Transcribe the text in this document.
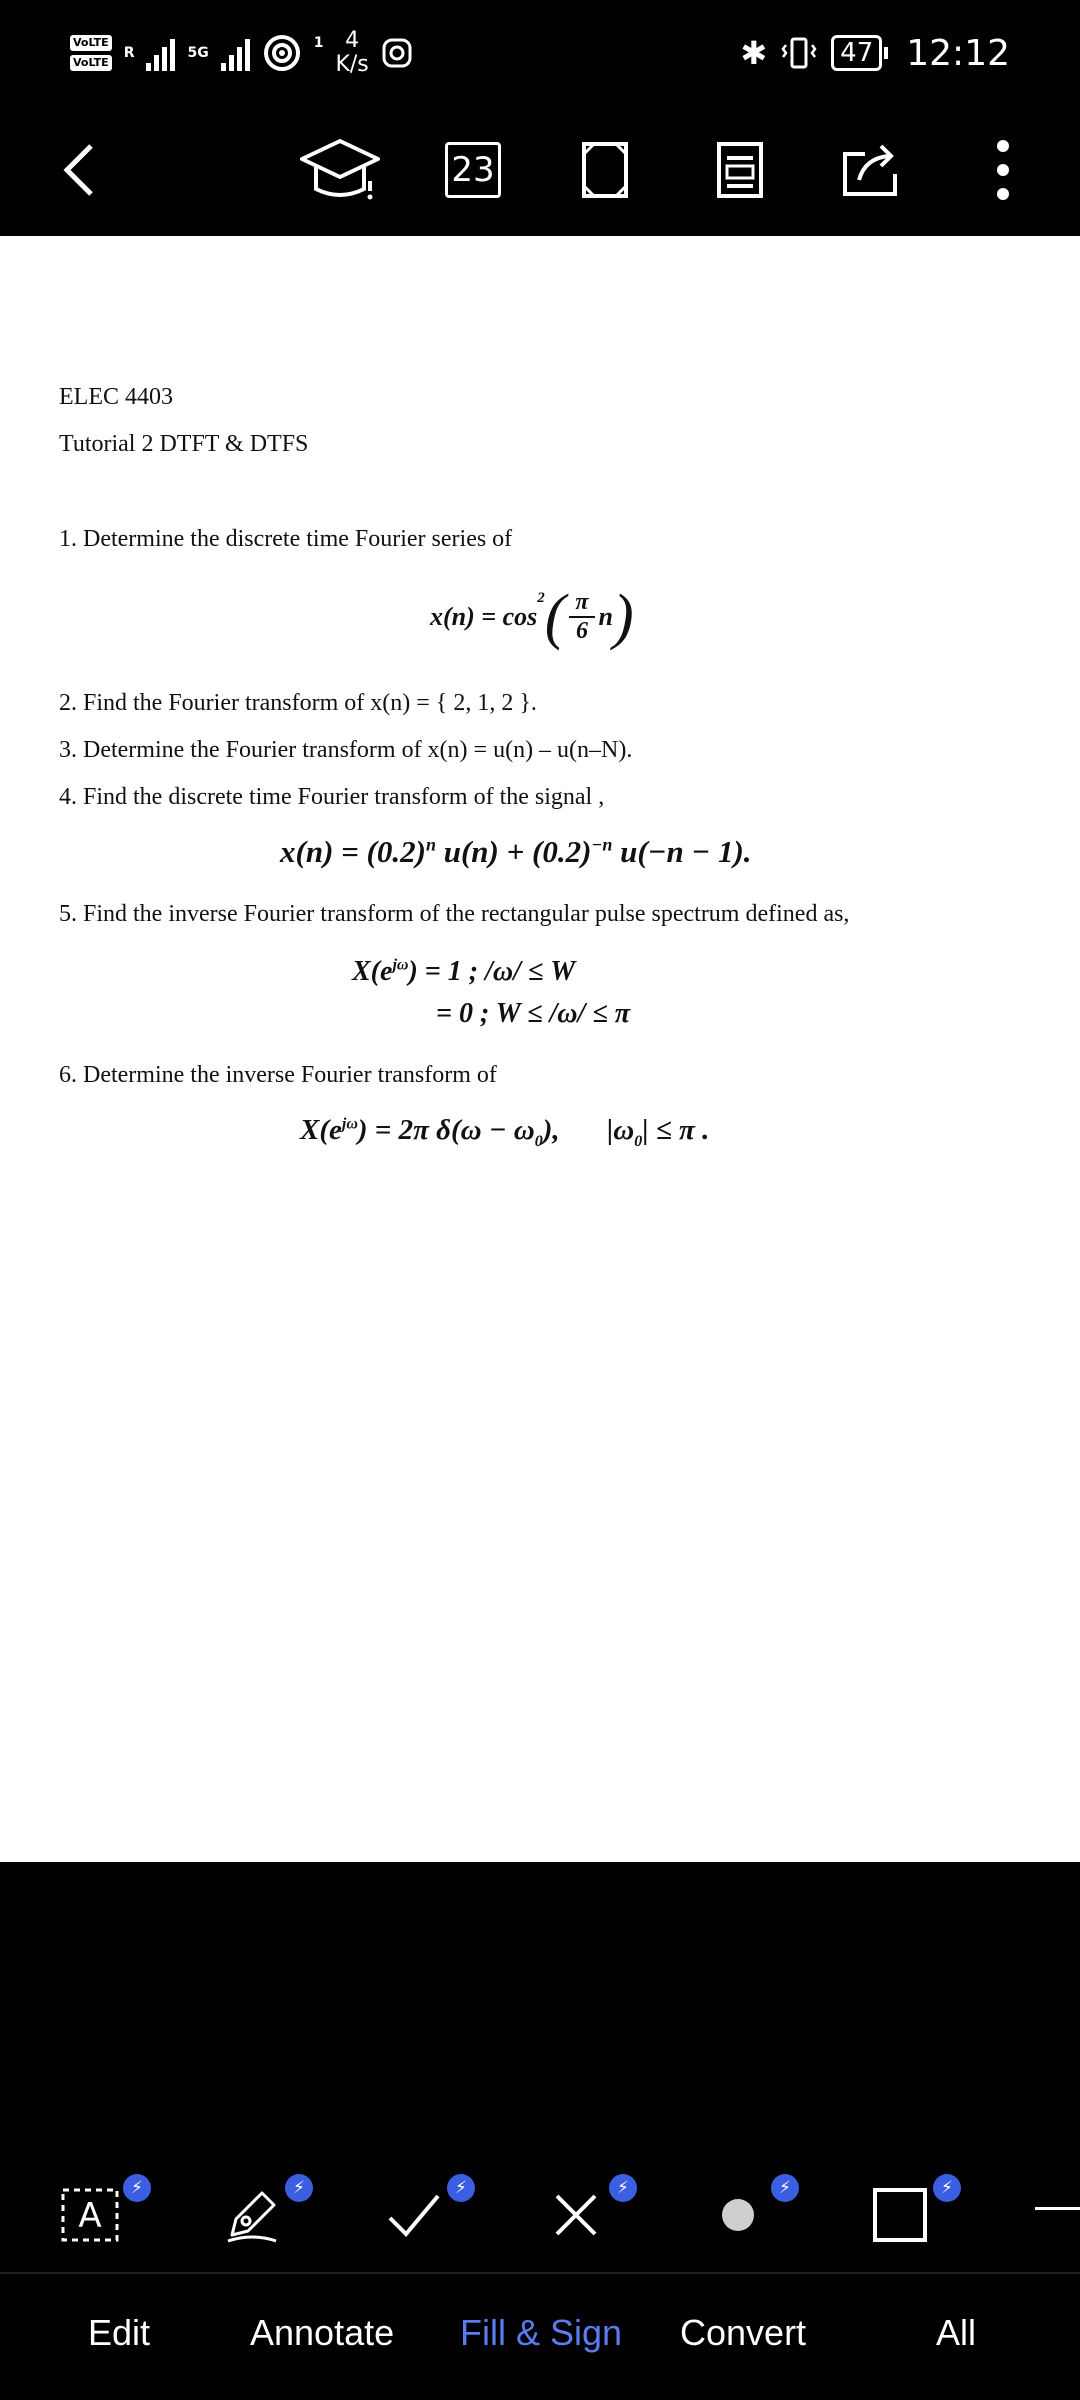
VoLTE
VoLTE
R	5G
1 4
K/s	✱	47 12:12
23

ELEC 4403

Tutorial 2 DTFT & DTFS

1. Determine the discrete time Fourier series of

x(n) = cos
$^2$ ( π
6 n )

2. Find the Fourier transform of x(n) = { 2, 1, 2 }.

3. Determine the Fourier transform of x(n) = u(n) – u(n–N).

4. Find the discrete time Fourier transform of the signal ,

$x(n) = (0.2)^n$ $u(n) + (0.2)^{-n}$ u(−n − 1).

5. Find the inverse Fourier transform of the rectangular pulse spectrum defined as,

$X(e^{j\omega}) = 1$ ; /ω/ ≤ W
= 0 ; W ≤ /ω/ ≤ π

6. Determine the inverse Fourier transform of

$X(e^{j\omega}) = 2\pi$ $\delta(\omega - \omega_0)$, $|\omega_0| \le \pi$ .
A
⚡	⚡	⚡	⚡	⚡	⚡
Edit	Annotate Fill & Sign Convert	All
